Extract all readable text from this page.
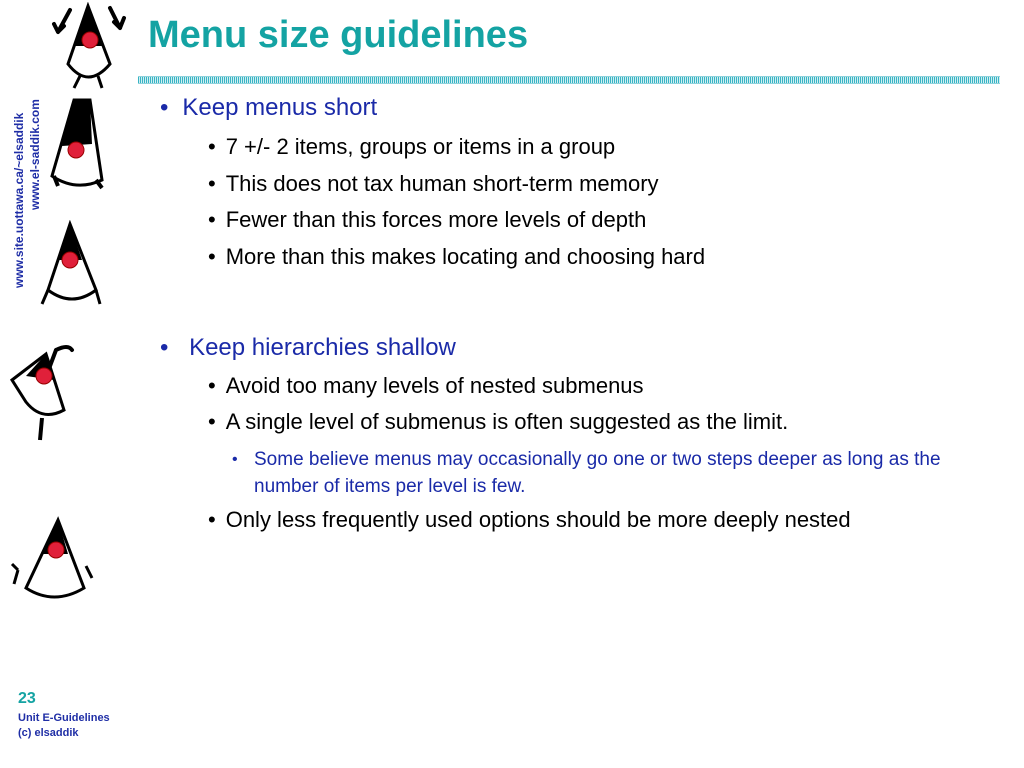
www.site.uottawa.ca/~elsaddik www.el-saddik.com
Menu size guidelines
• Keep menus short
• 7 +/- 2 items, groups or items in a group
• This does not tax human short-term memory
• Fewer than this forces more levels of depth
• More than this makes locating and choosing hard
• Keep hierarchies shallow
• Avoid too many levels of nested submenus
• A single level of submenus is often suggested as the limit.
• Some believe menus may occasionally go one or two steps deeper as long as the number of items per level is few.
• Only less frequently used options should be more deeply nested
23
Unit E-Guidelines
(c) elsaddik
